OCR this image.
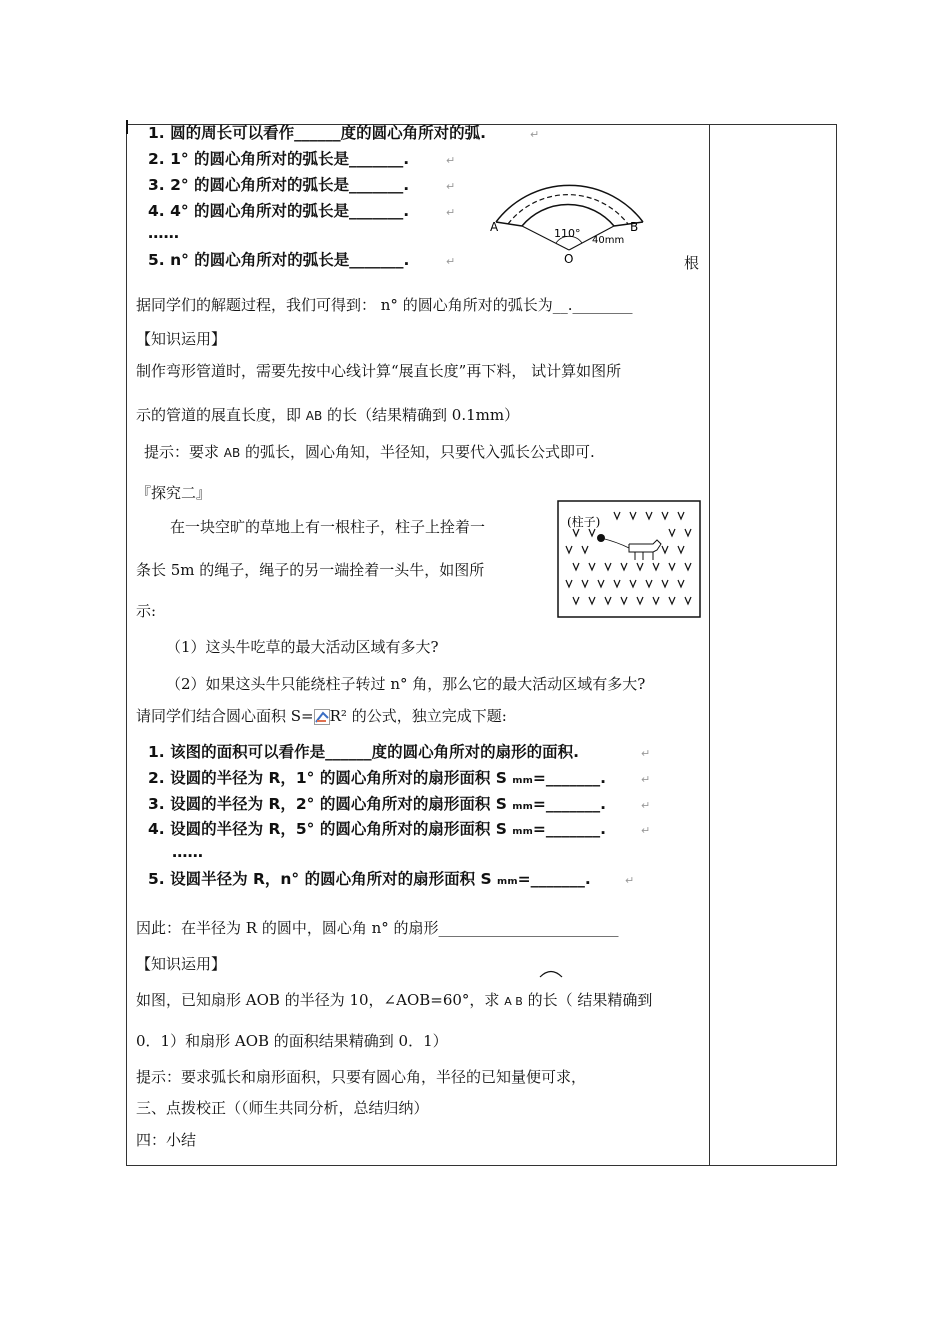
1. 圆的周长可以看作______度的圆心角所对的弧.
2. 1° 的圆心角所对的弧长是_______.
3. 2° 的圆心角所对的弧长是_______.
4. 4° 的圆心角所对的弧长是_______.
……
5. n° 的圆心角所对的弧长是_______.
↵
↵
↵
↵
↵
A	B
O
110°
40mm
根
据同学们的解题过程，我们可得到： n° 的圆心角所对的弧长为__.________
【知识运用】
制作弯形管道时，需要先按中心线计算“展直长度”再下料， 试计算如图所
示的管道的展直长度，即 AB 的长（结果精确到 0.1mm）
提示：要求 AB 的弧长，圆心角知，半径知，只要代入弧长公式即可.
『探究二』
在一块空旷的草地上有一根柱子，柱子上拴着一
条长 5m 的绳子，绳子的另一端拴着一头牛，如图所
示:
(柱子)
（1）这头牛吃草的最大活动区域有多大?
（2）如果这头牛只能绕柱子转过 n° 角，那么它的最大活动区域有多大?
请同学们结合圆心面积 S= R² 的公式，独立完成下题:
1. 该图的面积可以看作是______度的圆心角所对的扇形的面积.
2. 设圆的半径为 R，1° 的圆心角所对的扇形面积 S ₘₘ=_______.
3. 设圆的半径为 R，2° 的圆心角所对的扇形面积 S ₘₘ=_______.
4. 设圆的半径为 R，5° 的圆心角所对的扇形面积 S ₘₘ=_______.
……
5. 设圆半径为 R，n° 的圆心角所对的扇形面积 S ₘₘ=_______.
↵
↵
↵
↵
↵
因此：在半径为 R 的圆中，圆心角 n° 的扇形________________________
【知识运用】
如图，已知扇形 AOB 的半径为 10，∠AOB=60°，求 A B 的长（ 结果精确到
0．1）和扇形 AOB 的面积结果精确到 0．1）
提示：要求弧长和扇形面积，只要有圆心角，半径的已知量便可求，
三、点拨校正（（师生共同分析，总结归纳）
四：小结
